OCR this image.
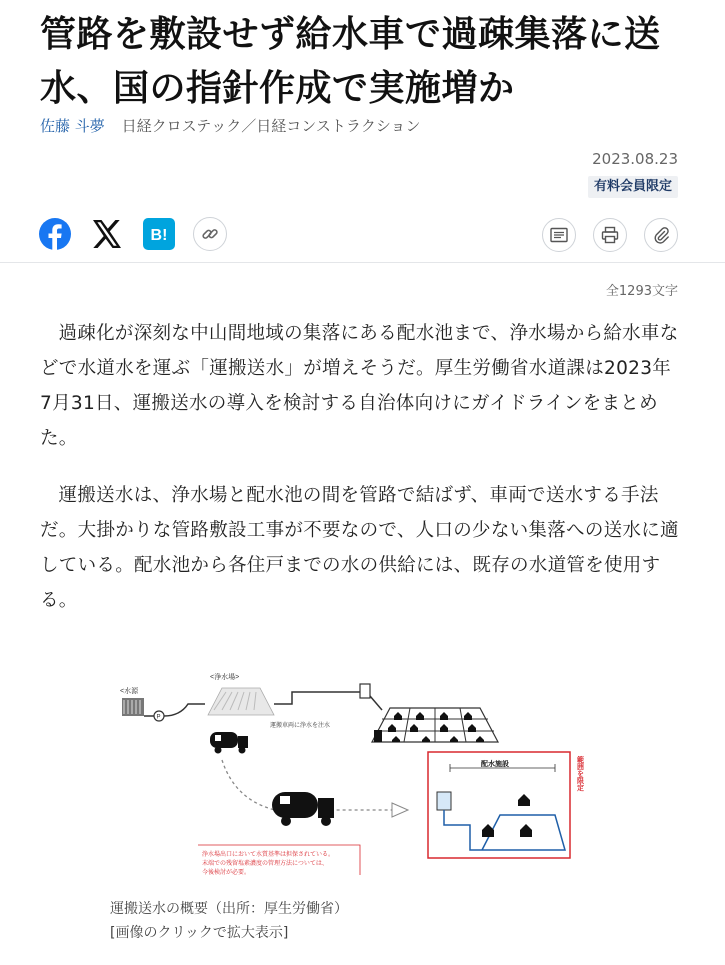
管路を敷設せず給水車で過疎集落に送水、国の指針作成で実施増か
佐藤 斗夢 日経クロステック／日経コンストラクション
2023.08.23
有料会員限定
B!
全1293文字

過疎化が深刻な中山間地域の集落にある配水池まで、浄水場から給水車などで水道水を運ぶ「運搬送水」が増えそうだ。厚生労働省水道課は2023年7月31日、運搬送水の導入を検討する自治体向けにガイドラインをまとめた。

運搬送水は、浄水場と配水池の間を管路で結ばず、車両で送水する手法だ。大掛かりな管路敷設工事が不要なので、人口の少ない集落への送水に適している。配水池から各住戸までの水の供給には、既存の水道管を使用する。

<水源
P
<浄水場>
運搬車両に浄水を注水
浄水場出口において水質基準は担保されている。
末端での残留塩素濃度の管理方法については、
今後検討が必要。
配水施設	範囲を限定
運搬送水の概要（出所：厚生労働省）
[画像のクリックで拡大表示]
